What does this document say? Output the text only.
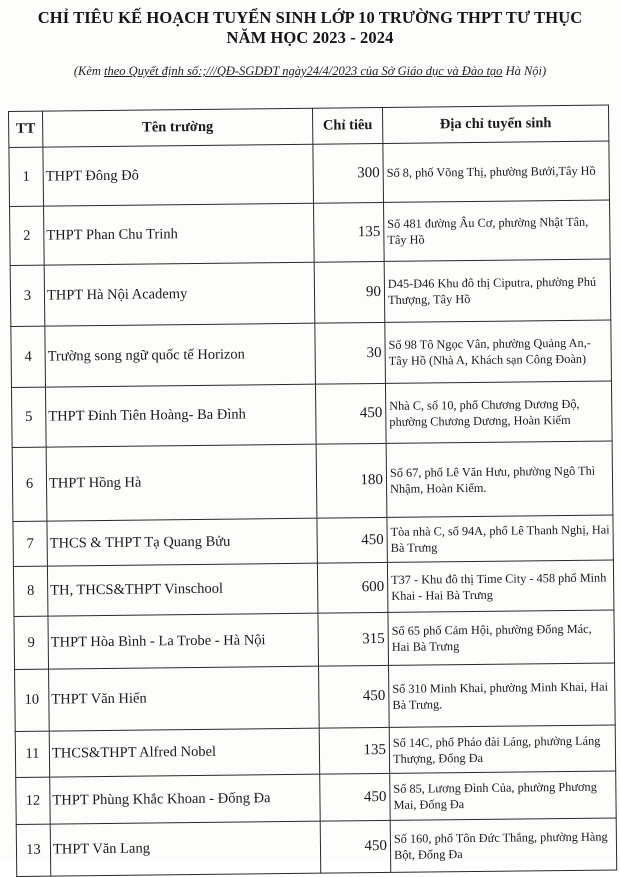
CHỈ TIÊU KẾ HOẠCH TUYỂN SINH LỚP 10 TRƯỜNG THPT TƯ THỤC
NĂM HỌC 2023 - 2024
(Kèm theo Quyết định số:;///QĐ-SGDĐT ngày24/4/2023 của Sở Giáo dục và Đào tạo Hà Nội)
TT	Tên trường	Chỉ tiêu	Địa chỉ tuyển sinh
1	THPT Đông Đô	300	Số 8, phố Võng Thị, phường Bưởi,Tây Hồ
2	THPT Phan Chu Trinh	135	Số 481 đường Âu Cơ, phường Nhật Tân, Tây Hồ
3	THPT Hà Nội Academy	90	D45-D46 Khu đô thị Ciputra, phường Phú Thượng, Tây Hồ
4	Trường song ngữ quốc tế Horizon	30	Số 98 Tô Ngọc Vân, phường Quảng An,- Tây Hồ (Nhà A, Khách sạn Công Đoàn)
5	THPT Đinh Tiên Hoàng- Ba Đình	450	Nhà C, số 10, phố Chương Dương Độ, phường Chương Dương, Hoàn Kiếm
6	THPT Hồng Hà	180	Số 67, phố Lê Văn Hưu, phường Ngô Thì Nhậm, Hoàn Kiếm.
7	THCS & THPT Tạ Quang Bửu	450	Tòa nhà C, số 94A, phố Lê Thanh Nghị, Hai Bà Trưng
8	TH, THCS&THPT Vinschool	600	T37 - Khu đô thị Time City - 458 phố Minh Khai - Hai Bà Trưng
9	THPT Hòa Bình - La Trobe - Hà Nội	315	Số 65 phố Cảm Hội, phường Đống Mác, Hai Bà Trưng
10	THPT Văn Hiến	450	Số 310 Minh Khai, phường Minh Khai, Hai Bà Trưng.
11	THCS&THPT Alfred Nobel	135	Số 14C, phố Pháo đài Láng, phường Láng Thượng, Đống Đa
12	THPT Phùng Khắc Khoan - Đống Đa	450	Số 85, Lương Đình Của, phường Phương Mai, Đống Đa
13	THPT Văn Lang	450	Số 160, phố Tôn Đức Thắng, phường Hàng Bột, Đống Đa
